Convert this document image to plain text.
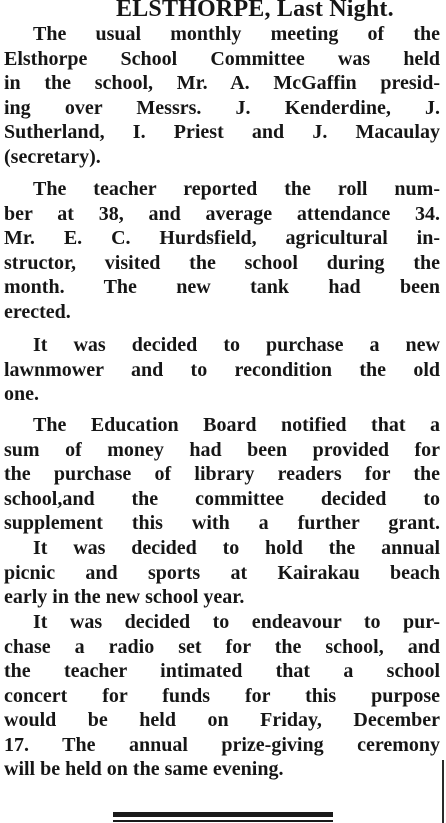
ELSTHORPE, Last Night.
The usual monthly meeting of the
Elsthorpe School Committee was held
in the school, Mr. A. McGaffin presid-
ing over Messrs. J. Kenderdine, J.
Sutherland, I. Priest and J. Macaulay
(secretary).
The teacher reported the roll num-
ber at 38, and average attendance 34.
Mr. E. C. Hurdsfield, agricultural in-
structor, visited the school during the
month. The new tank had been
erected.
It was decided to purchase a new
lawnmower and to recondition the old
one.
The Education Board notified that a
sum of money had been provided for
the purchase of library readers for the
school,and the committee decided to
supplement this with a further grant.
It was decided to hold the annual
picnic and sports at Kairakau beach
early in the new school year.
It was decided to endeavour to pur-
chase a radio set for the school, and
the teacher intimated that a school
concert for funds for this purpose
would be held on Friday, December
17. The annual prize-giving ceremony
will be held on the same evening.
